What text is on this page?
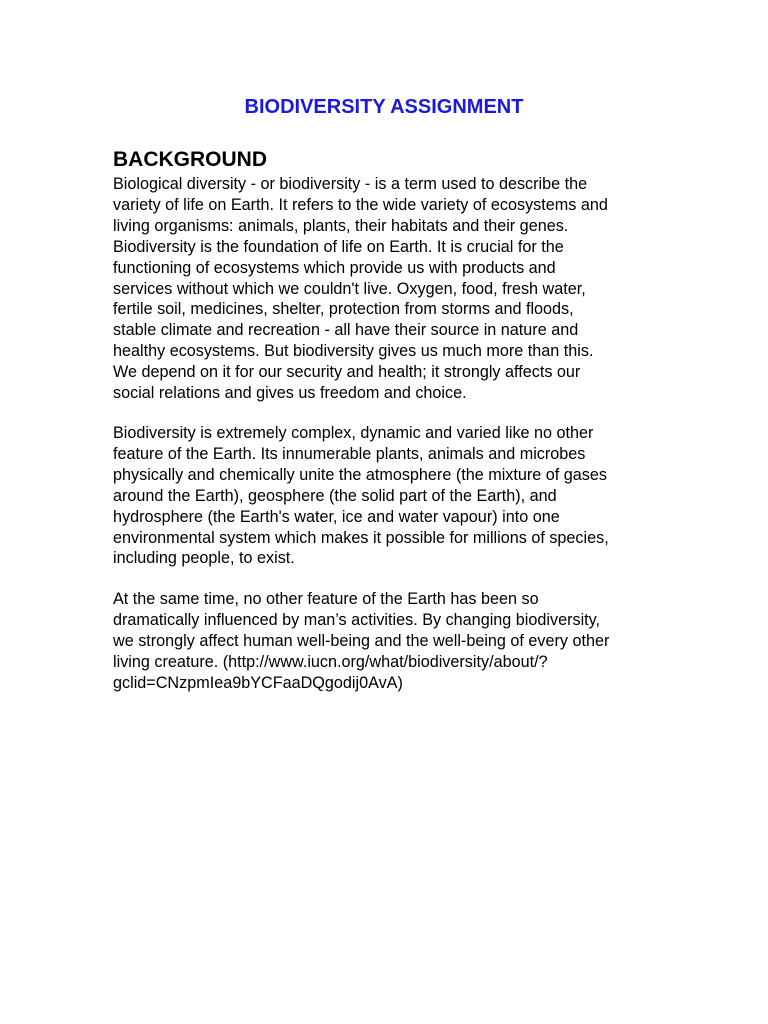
BIODIVERSITY ASSIGNMENT
BACKGROUND

Biological diversity - or biodiversity - is a term used to describe the
variety of life on Earth. It refers to the wide variety of ecosystems and
living organisms: animals, plants, their habitats and their genes.
Biodiversity is the foundation of life on Earth. It is crucial for the
functioning of ecosystems which provide us with products and
services without which we couldn't live. Oxygen, food, fresh water,
fertile soil, medicines, shelter, protection from storms and floods,
stable climate and recreation - all have their source in nature and
healthy ecosystems. But biodiversity gives us much more than this.
We depend on it for our security and health; it strongly affects our
social relations and gives us freedom and choice.

Biodiversity is extremely complex, dynamic and varied like no other
feature of the Earth. Its innumerable plants, animals and microbes
physically and chemically unite the atmosphere (the mixture of gases
around the Earth), geosphere (the solid part of the Earth), and
hydrosphere (the Earth's water, ice and water vapour) into one
environmental system which makes it possible for millions of species,
including people, to exist.

At the same time, no other feature of the Earth has been so
dramatically influenced by man’s activities. By changing biodiversity,
we strongly affect human well-being and the well-being of every other
living creature. (http://www.iucn.org/what/biodiversity/about/?
gclid=CNzpmIea9bYCFaaDQgodij0AvA)
